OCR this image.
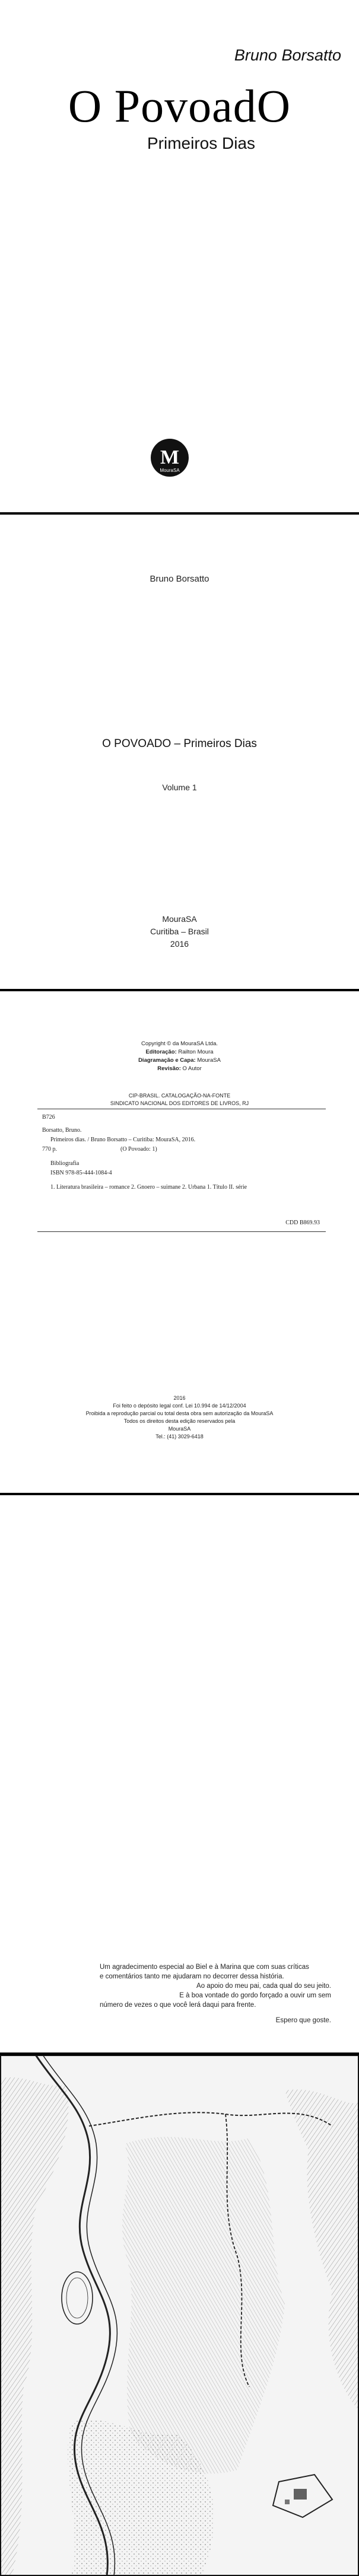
Bruno Borsatto
O PovoadO
Primeiros Dias
M
MouraSA
Bruno Borsatto
O POVOADO – Primeiros Dias
Volume 1
MouraSA
Curitiba – Brasil
2016
Copyright © da MouraSA Ltda.
Editoração: Railton Moura
Diagramação e Capa: MouraSA
Revisão: O Autor
CIP-BRASIL. CATALOGAÇÃO-NA-FONTE
SINDICATO NACIONAL DOS EDITORES DE LIVROS, RJ
B726
Borsatto, Bruno.
Primeiros dias. / Bruno Borsatto – Curitiba: MouraSA, 2016.
770 p.	(O Povoado: 1)
Bibliografia
ISBN 978-85-444-1084-4
1. Literatura brasileira – romance 2. Gnoero – suimane 2. Urbana 1. Título II. série
CDD B869.93
2016
Foi feito o depósito legal conf. Lei 10.994 de 14/12/2004
Proibida a reprodução parcial ou total desta obra sem autorização da MouraSA
Todos os direitos desta edição reservados pela
MouraSA
Tel.: (41) 3029-6418

Um agradecimento especial ao Biel e à Marina que com suas críticas

e comentários tanto me ajudaram no decorrer dessa história.

Ao apoio do meu pai, cada qual do seu jeito.

E à boa vontade do gordo forçado a ouvir um sem

número de vezes o que você lerá daqui para frente.

Espero que goste.
